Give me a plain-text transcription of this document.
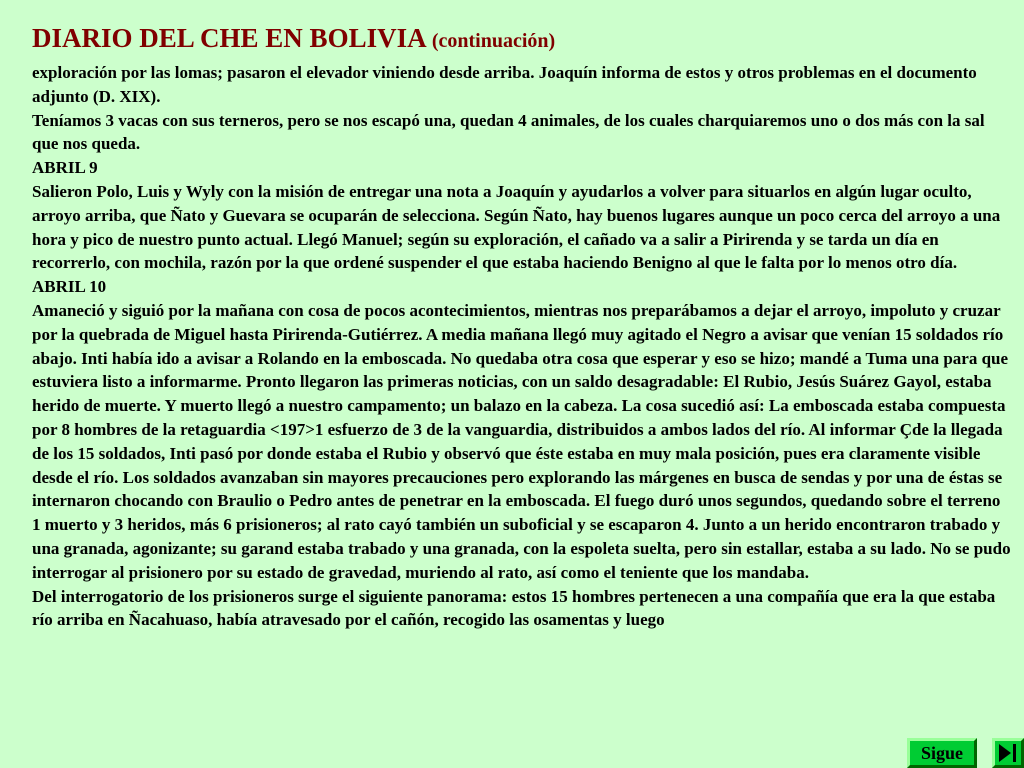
DIARIO DEL CHE EN BOLIVIA (continuación)

exploración por las lomas; pasaron el elevador viniendo desde arriba. Joaquín informa de estos y otros problemas en el documento adjunto (D. XIX).

Teníamos 3 vacas con sus terneros, pero se nos escapó una, quedan 4 animales, de los cuales charquiaremos uno o dos más con la sal que nos queda.

ABRIL 9

Salieron Polo, Luis y Wyly con la misión de entregar una nota a Joaquín y ayudarlos a volver para situarlos en algún lugar oculto, arroyo arriba, que Ñato y Guevara se ocuparán de selecciona. Según Ñato, hay buenos lugares aunque un poco cerca del arroyo a una hora y pico de nuestro punto actual. Llegó Manuel; según su exploración, el cañado va a salir a Pirirenda y se tarda un día en recorrerlo, con mochila, razón por la que ordené suspender el que estaba haciendo Benigno al que le falta por lo menos otro día.

ABRIL 10

Amaneció y siguió por la mañana con cosa de pocos acontecimientos, mientras nos preparábamos a dejar el arroyo, impoluto y cruzar por la quebrada de Miguel hasta Pirirenda-Gutiérrez. A media mañana llegó muy agitado el Negro a avisar que venían 15 soldados río abajo. Inti había ido a avisar a Rolando en la emboscada. No quedaba otra cosa que esperar y eso se hizo; mandé a Tuma una para que estuviera listo a informarme. Pronto llegaron las primeras noticias, con un saldo desagradable: El Rubio, Jesús Suárez Gayol, estaba herido de muerte. Y muerto llegó a nuestro campamento; un balazo en la cabeza. La cosa sucedió así: La emboscada estaba compuesta por 8 hombres de la retaguardia <197>1 esfuerzo de 3 de la vanguardia, distribuidos a ambos lados del río. Al informar Çde la llegada de los 15 soldados, Inti pasó por donde estaba el Rubio y observó que éste estaba en muy mala posición, pues era claramente visible desde el río. Los soldados avanzaban sin mayores precauciones pero explorando las márgenes en busca de sendas y por una de éstas se internaron chocando con Braulio o Pedro antes de penetrar en la emboscada. El fuego duró unos segundos, quedando sobre el terreno 1 muerto y 3 heridos, más 6 prisioneros; al rato cayó también un suboficial y se escaparon 4. Junto a un herido encontraron trabado y una granada, agonizante; su garand estaba trabado y una granada, con la espoleta suelta, pero sin estallar, estaba a su lado. No se pudo interrogar al prisionero por su estado de gravedad, muriendo al rato, así como el teniente que los mandaba.

Del interrogatorio de los prisioneros surge el siguiente panorama: estos 15 hombres pertenecen a una compañía que era la que estaba río arriba en Ñacahuaso, había atravesado por el cañón, recogido las osamentas y luego

Sigue
